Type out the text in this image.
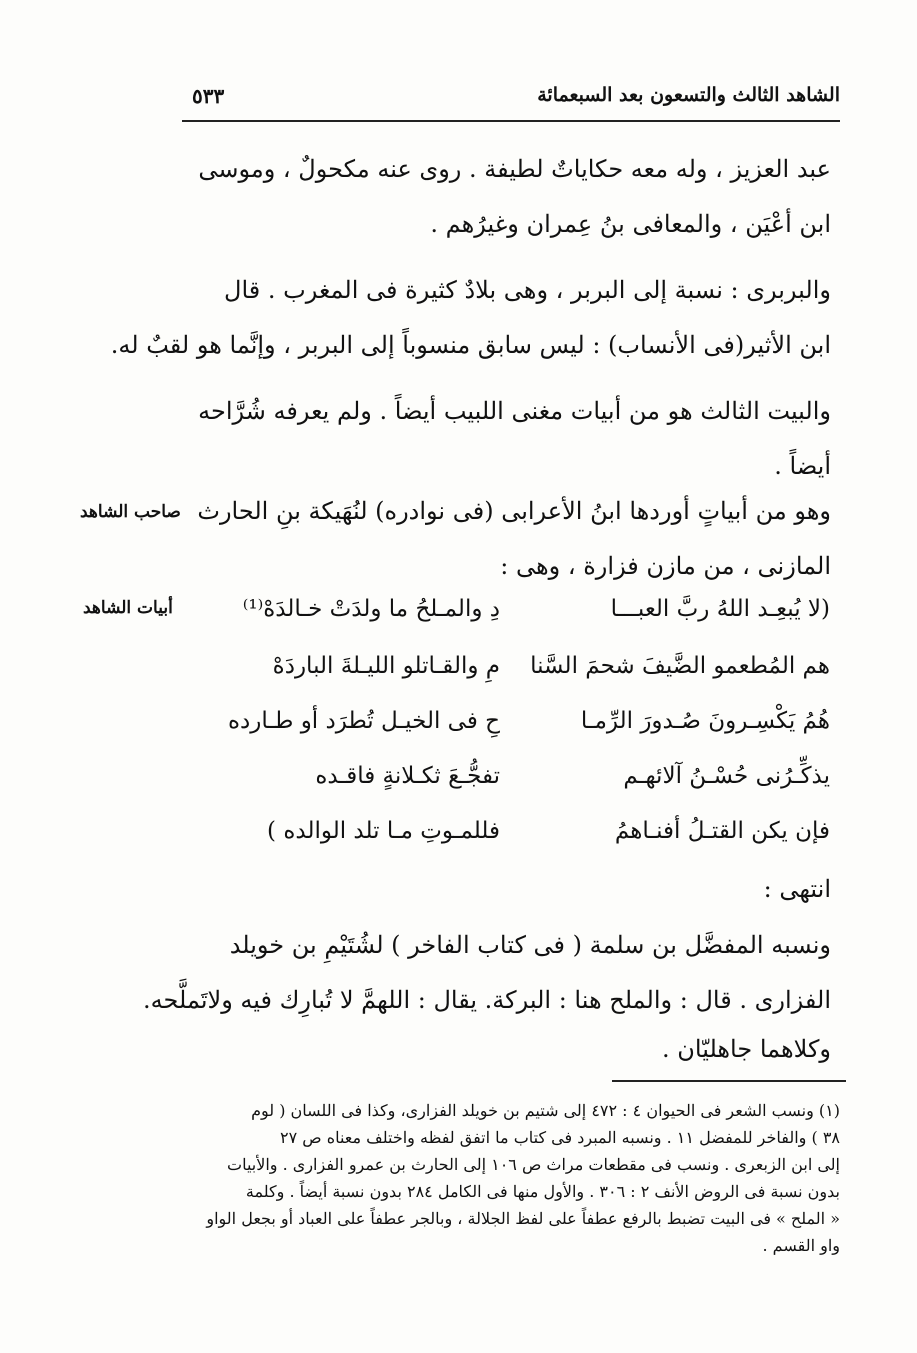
الشاهد الثالث والتسعون بعد السبعمائة
٥٣٣
عبد العزيز ، وله معه حكاياتٌ لطيفة . روى عنه مكحولٌ ، وموسى
ابن أعْيَن ، والمعافى بنُ عِمران وغيرُهم .
والبربرى : نسبة إلى البربر ، وهى بلادٌ كثيرة فى المغرب . قال
ابن الأثير(فى الأنساب) : ليس سابق منسوباً إلى البربر ، وإنَّما هو لقبٌ له.
والبيت الثالث هو من أبيات مغنى اللبيب أيضاً . ولم يعرفه شُرَّاحه
أيضاً .
وهو من أبياتٍ أوردها ابنُ الأعرابى (فى نوادره) لنُهَيكة بنِ الحارث
المازنى ، من مازن فزارة ، وهى :
صاحب الشاهد
أبيات الشاهد	(لا يُبعِـد اللهُ ربَّ العبـــا
دِ والمـلحُ ما ولدَتْ خـالدَهْ⁽¹⁾
هم المُطعمو الضَّيفَ شحمَ السَّنا
مِ والقـاتلو الليـلةَ الباردَهْ
هُمُ يَكْسِـرونَ صُـدورَ الرِّمـا
حِ فى الخيـل تُطرَد أو طـارده
يذكِّـرُنى حُسْـنُ آلائهـم
تفجُّـعَ ثكـلانةٍ فاقـده
فإن يكن القتـلُ أفنـاهمُ
فللمـوتِ مـا تلد الوالده )
انتهى :
ونسبه المفضَّل بن سلمة ( فى كتاب الفاخر ) لشُتَيْمِ بن خويلد
الفزارى . قال : والملح هنا : البركة. يقال : اللهمَّ لا تُبارِك فيه ولاتَملَّحه.
وكلاهما جاهليّان .
(١) ونسب الشعر فى الحيوان ٤ : ٤٧٢ إلى شتيم بن خويلد الفزارى، وكذا فى اللسان ( لوم
٣٨ ) والفاخر للمفضل ١١ . ونسبه المبرد فى كتاب ما اتفق لفظه واختلف معناه ص ٢٧
إلى ابن الزبعرى . ونسب فى مقطعات مراث ص ١٠٦ إلى الحارث بن عمرو الفزارى . والأبيات
بدون نسبة فى الروض الأنف ٢ : ٣٠٦ . والأول منها فى الكامل ٢٨٤ بدون نسبة أيضاً . وكلمة
« الملح » فى البيت تضبط بالرفع عطفاً على لفظ الجلالة ، وبالجر عطفاً على العباد أو بجعل الواو
واو القسم .
